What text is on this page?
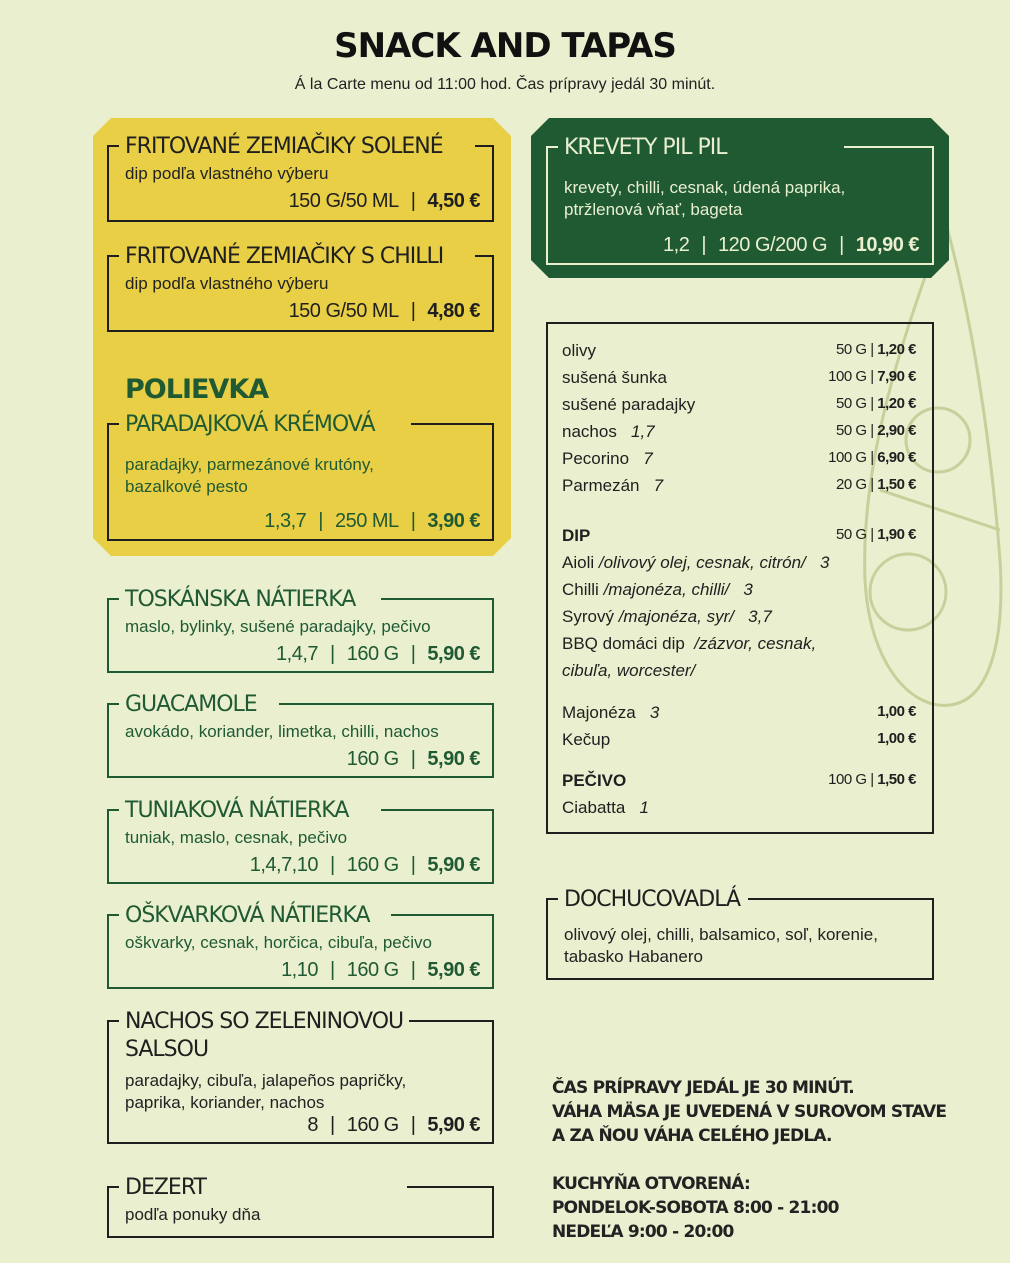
SNACK AND TAPAS
Á la Carte menu od 11:00 hod. Čas prípravy jedál 30 minút.
FRITOVANÉ ZEMIAČIKY SOLENÉ
dip podľa vlastného výberu
150 G/50 ML | 4,50 €
FRITOVANÉ ZEMIAČIKY S CHILLI
dip podľa vlastného výberu
150 G/50 ML | 4,80 €
POLIEVKA
PARADAJKOVÁ KRÉMOVÁ
paradajky, parmezánové krutóny, bazalkové pesto
1,3,7 | 250 ML | 3,90 €
KREVETY PIL PIL
krevety, chilli, cesnak, údená paprika, ptržlenová vňať, bageta
1,2 | 120 G/200 G | 10,90 €
TOSKÁNSKA NÁTIERKA
maslo, bylinky, sušené paradajky, pečivo
1,4,7 | 160 G | 5,90 €
GUACAMOLE
avokádo, koriander, limetka, chilli, nachos
160 G | 5,90 €
TUNIAKOVÁ NÁTIERKA
tuniak, maslo, cesnak, pečivo
1,4,7,10 | 160 G | 5,90 €
OŠKVARKOVÁ NÁTIERKA
oškvarky, cesnak, horčica, cibuľa, pečivo
1,10 | 160 G | 5,90 €
NACHOS SO ZELENINOVOU
SALSOU
paradajky, cibuľa, jalapeños papričky, paprika, koriander, nachos
8 | 160 G | 5,90 €
DEZERT
podľa ponuky dňa
olivy	50 G | 1,20 €
sušená šunka	100 G | 7,90 €
sušené paradajky	50 G | 1,20 €
nachos 1,7	50 G | 2,90 €
Pecorino 7	100 G | 6,90 €
Parmezán 7	20 G | 1,50 €
DIP	50 G | 1,90 €
Aioli /olivový olej, cesnak, citrón/ 3
Chilli /majonéza, chilli/ 3
Syrový /majonéza, syr/ 3,7
BBQ domáci dip /zázvor, cesnak,
cibuľa, worcester/
Majonéza 3	1,00 €
Kečup	1,00 €
PEČIVO	100 G | 1,50 €
Ciabatta 1
DOCHUCOVADLÁ
olivový olej, chilli, balsamico, soľ, korenie, tabasko Habanero
ČAS PRÍPRAVY JEDÁL JE 30 MINÚT.
VÁHA MÄSA JE UVEDENÁ V SUROVOM STAVE
A ZA ŇOU VÁHA CELÉHO JEDLA.
KUCHYŇA OTVORENÁ:
PONDELOK-SOBOTA 8:00 - 21:00
NEDEĽA 9:00 - 20:00
